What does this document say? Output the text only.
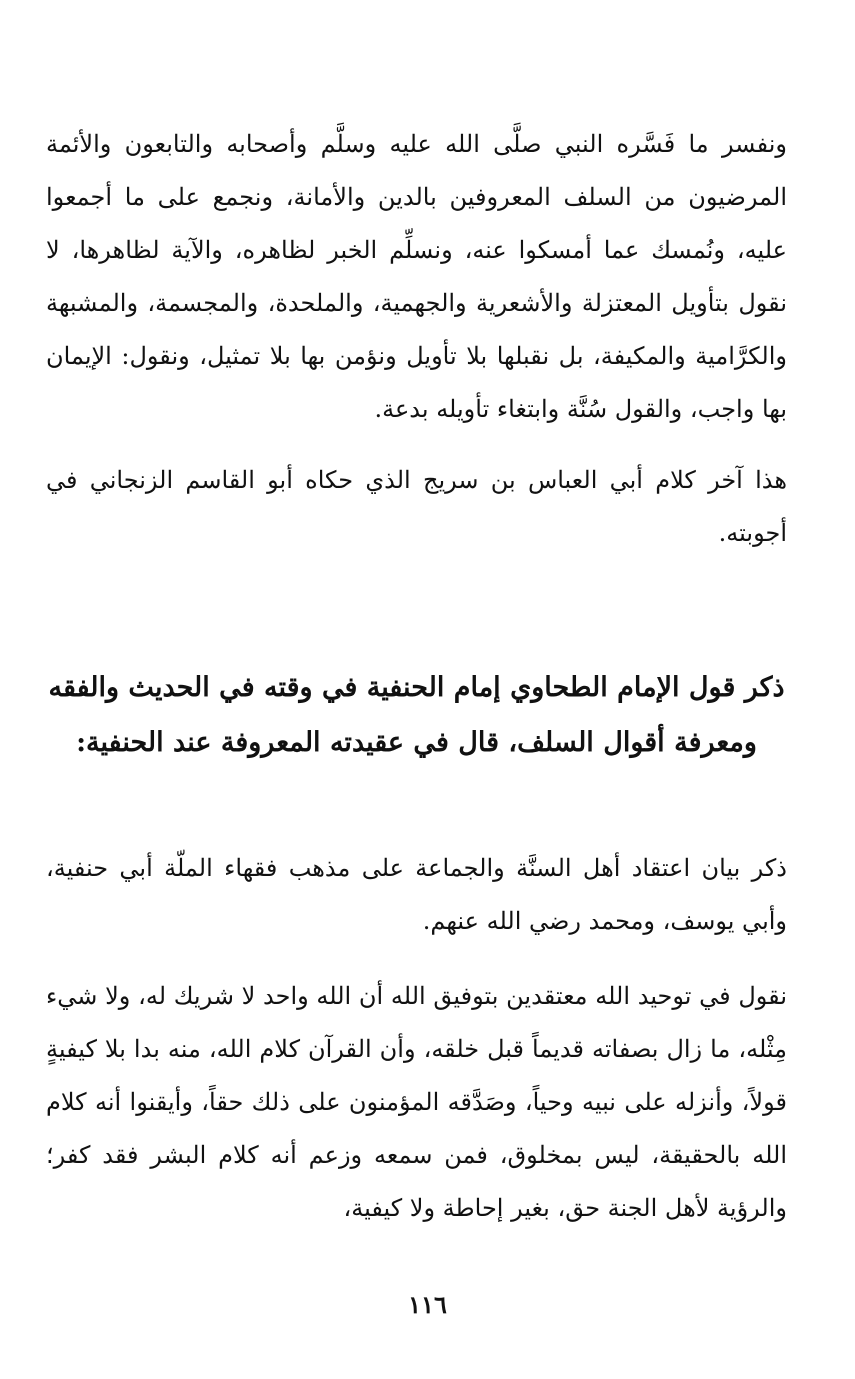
ونفسر ما فَسَّره النبي صلَّى الله عليه وسلَّم وأصحابه والتابعون والأئمة المرضيون من السلف المعروفين بالدين والأمانة، ونجمع على ما أجمعوا عليه، ونُمسك عما أمسكوا عنه، ونسلِّم الخبر لظاهره، والآية لظاهرها، لا نقول بتأويل المعتزلة والأشعرية والجهمية، والملحدة، والمجسمة، والمشبهة والكرَّامية والمكيفة، بل نقبلها بلا تأويل ونؤمن بها بلا تمثيل، ونقول: الإيمان بها واجب، والقول سُنَّة وابتغاء تأويله بدعة.

هذا آخر كلام أبي العباس بن سريج الذي حكاه أبو القاسم الزنجاني في أجوبته.

ذكر قول الإمام الطحاوي إمام الحنفية في وقته في الحديث والفقه ومعرفة أقوال السلف، قال في عقيدته المعروفة عند الحنفية:

ذكر بيان اعتقاد أهل السنَّة والجماعة على مذهب فقهاء الملّة أبي حنفية، وأبي يوسف، ومحمد رضي الله عنهم.

نقول في توحيد الله معتقدين بتوفيق الله أن الله واحد لا شريك له، ولا شيء مِثْله، ما زال بصفاته قديماً قبل خلقه، وأن القرآن كلام الله، منه بدا بلا كيفيةٍ قولاً، وأنزله على نبيه وحياً، وصَدَّقه المؤمنون على ذلك حقاً، وأيقنوا أنه كلام الله بالحقيقة، ليس بمخلوق، فمن سمعه وزعم أنه كلام البشر فقد كفر؛ والرؤية لأهل الجنة حق، بغير إحاطة ولا كيفية،

١١٦
